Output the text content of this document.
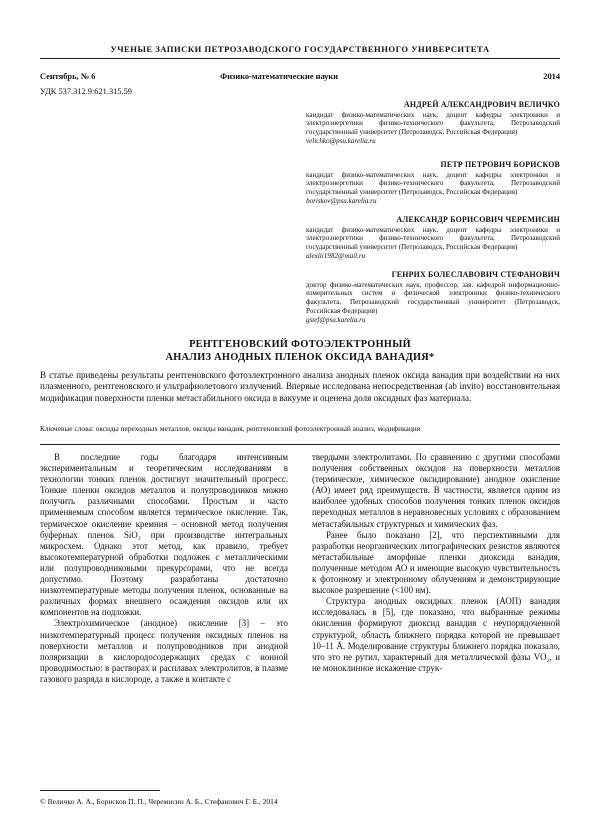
УЧЕНЫЕ ЗАПИСКИ ПЕТРОЗАВОДСКОГО ГОСУДАРСТВЕННОГО УНИВЕРСИТЕТА
Сентябрь, № 6	Физико-математические науки	2014
УДК 537.312.9:621.315.59
АНДРЕЙ АЛЕКСАНДРОВИЧ ВЕЛИЧКО
кандидат физико-математических наук, доцент кафедры электроники и электроэнергетики физико-технического факультета, Петрозаводский государственный университет (Петрозаводск, Российская Федерация)
velichko@psu.karelia.ru
ПЕТР ПЕТРОВИЧ БОРИСКОВ
кандидат физико-математических наук, доцент кафедры электроники и электроэнергетики физико-технического факультета, Петрозаводский государственный университет (Петрозаводск, Российская Федерация)
boriskov@psu.karelia.ru
АЛЕКСАНДР БОРИСОВИЧ ЧЕРЕМИСИН
кандидат физико-математических наук, доцент кафедры электроники и электроэнергетики физико-технического факультета, Петрозаводский государственный университет (Петрозаводск, Российская Федерация)
alexiii1982@mail.ru
ГЕНРИХ БОЛЕСЛАВОВИЧ СТЕФАНОВИЧ
доктор физико-математических наук, профессор, зав. кафедрой информационно-измерительных систем и физической электроники физико-технического факультета, Петрозаводский государственный университет (Петрозаводск, Российская Федерация)
gstef@psu.karelia.ru
РЕНТГЕНОВСКИЙ ФОТОЭЛЕКТРОННЫЙ
АНАЛИЗ АНОДНЫХ ПЛЕНОК ОКСИДА ВАНАДИЯ*
В статье приведены результаты рентгеновского фотоэлектронного анализа анодных пленок оксида ванадия при воздействии на них плазменного, рентгеновского и ультрафиолетового излучений. Впервые исследована непосредственная (ab invito) восстановительная модификация поверхности пленки метастабильного оксида в вакууме и оценена доля оксидных фаз материала.
Ключевые слова: оксиды переходных металлов, оксиды ванадия, рентгеновский фотоэлектронный анализ, модификация

В последние годы благодаря интенсивным экспериментальным и теоретическим исследованиям в технологии тонких пленок достигнут значительный прогресс. Тонкие пленки оксидов металлов и полупроводников можно получить различными способами. Простым и часто применяемым способом является термическое окисление. Так, термическое окисление кремния – основной метод получения буферных пленок SiO₂ при производстве интегральных микросхем. Однако этот метод, как правило, требует высокотемпературной обработки подложек с металлическими или полупроводниковыми прекурсорами, что не всегда допустимо. Поэтому разработаны достаточно низкотемпературные методы получения пленок, основанные на различных формах внешнего осаждения оксидов или их компонентов на подложки.

Электрохимическое (анодное) окисление [3] – это низкотемпературный процесс получения оксидных пленок на поверхности металлов и полупроводников при анодной поляризации в кислородосодержащих средах с ионной проводимостью: в растворах и расплавах электролитов, в плазме газового разряда в кислороде, а также в контакте с

твердыми электролитами. По сравнению с другими способами получения собственных оксидов на поверхности металлов (термическое, химическое оксидирование) анодное окисление (АО) имеет ряд преимуществ. В частности, является одним из наиболее удобных способов получения тонких пленок оксидов переходных металлов в неравновесных условиях с образованием метастабильных структурных и химических фаз.

Ранее было показано [2], что перспективными для разработки неорганических литографических резистов являются метастабильные аморфные пленки диоксида ванадия, полученные методом АО и имеющие высокую чувствительность к фотонному и электронному облучениям и демонстрирующие высокое разрешение (<100 нм).

Структура анодных оксидных пленок (АОП) ванадия исследовалась в [5], где показано, что выбранные режимы окисления формируют диоксид ванадия с неупорядоченной структурой, область ближнего порядка которой не превышает 10–11 Å. Моделирование структуры ближнего порядка показало, что это не рутил, характерный для металлической фазы VO₂, и не моноклинное искажение струк-

© Величко А. А., Борисков П. П., Черемисин А. Б., Стефанович Г. Б., 2014
